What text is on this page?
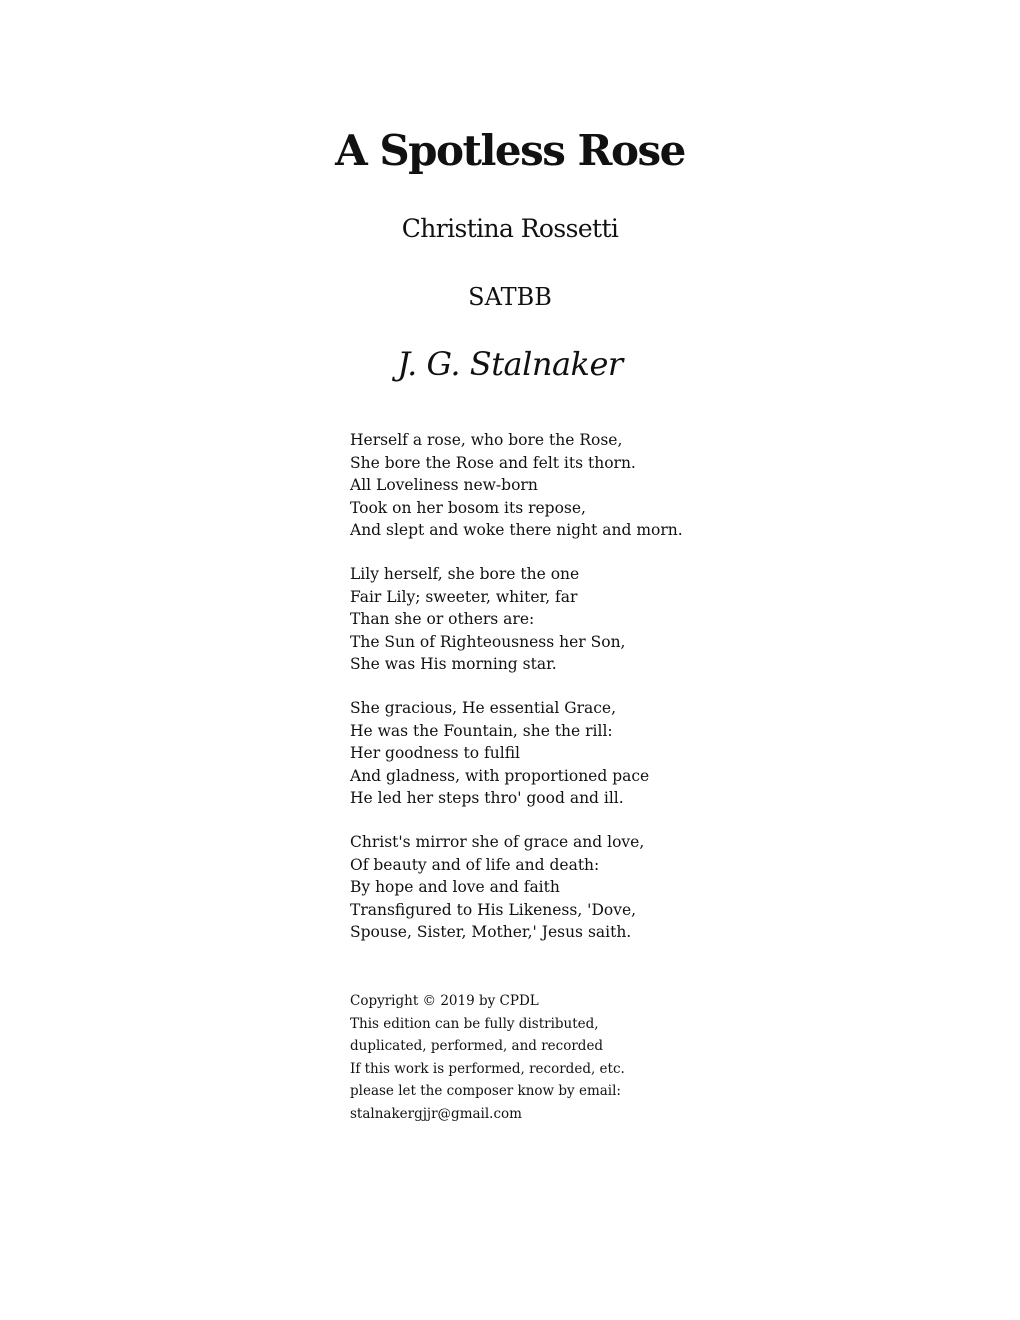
A Spotless Rose
Christina Rossetti
SATBB
J. G. Stalnaker
Herself a rose, who bore the Rose,
She bore the Rose and felt its thorn.
All Loveliness new-born
Took on her bosom its repose,
And slept and woke there night and morn.
Lily herself, she bore the one
Fair Lily; sweeter, whiter, far
Than she or others are:
The Sun of Righteousness her Son,
She was His morning star.
She gracious, He essential Grace,
He was the Fountain, she the rill:
Her goodness to fulfil
And gladness, with proportioned pace
He led her steps thro' good and ill.
Christ's mirror she of grace and love,
Of beauty and of life and death:
By hope and love and faith
Transfigured to His Likeness, 'Dove,
Spouse, Sister, Mother,' Jesus saith.
Copyright © 2019 by CPDL
This edition can be fully distributed,
duplicated, performed, and recorded
If this work is performed, recorded, etc.
please let the composer know by email:
stalnakergjjr@gmail.com
